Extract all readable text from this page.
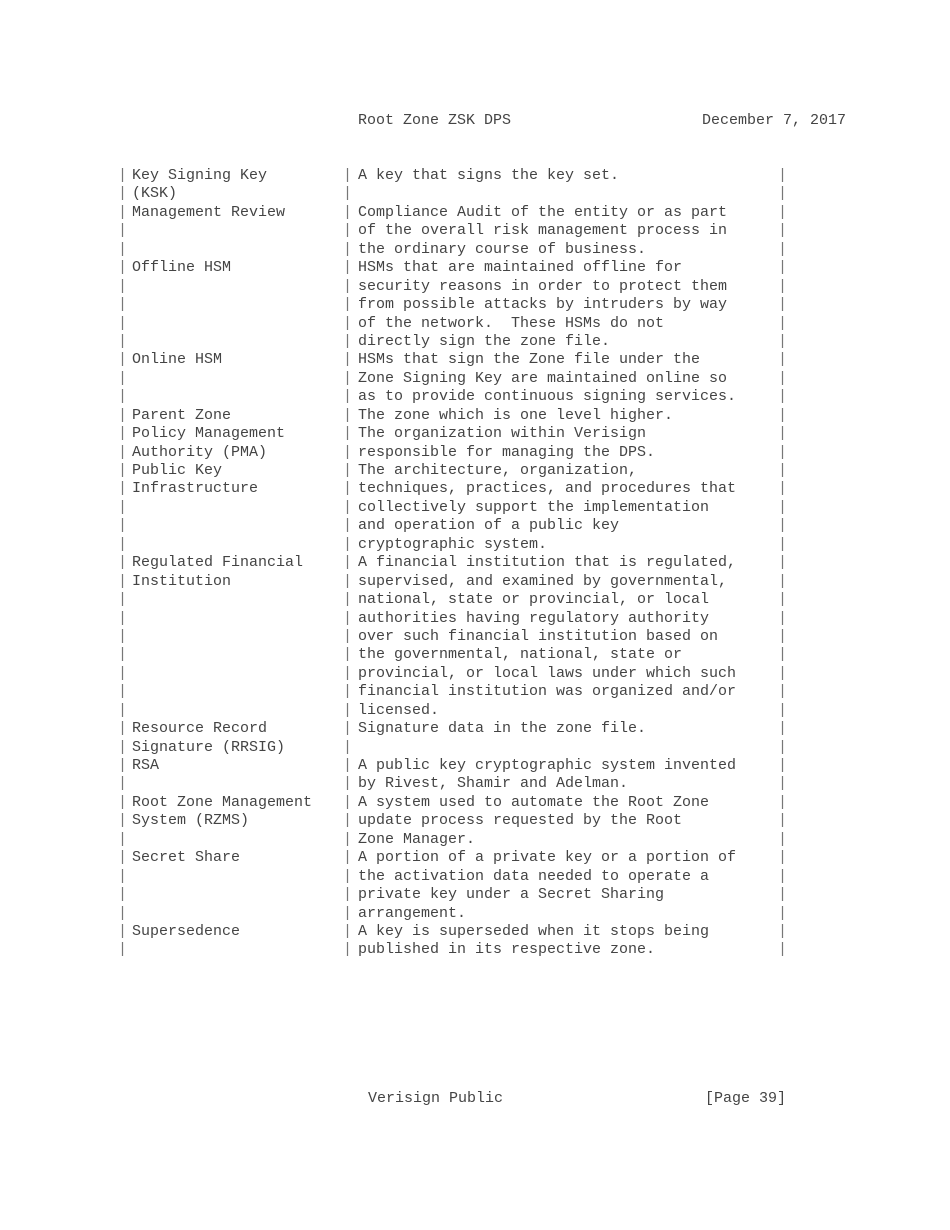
Root Zone ZSK DPS	December 7, 2017
| Key Signing Key	| A key that signs the key set.	|
| (KSK)	|	|
| Management Review	| Compliance Audit of the entity or as part	|
|	| of the overall risk management process in	|
|	| the ordinary course of business.	|
| Offline HSM	| HSMs that are maintained offline for	|
|	| security reasons in order to protect them	|
|	| from possible attacks by intruders by way	|
|	| of the network.  These HSMs do not	|
|	| directly sign the zone file.	|
| Online HSM	| HSMs that sign the Zone file under the	|
|	| Zone Signing Key are maintained online so	|
|	| as to provide continuous signing services.	|
| Parent Zone	| The zone which is one level higher.	|
| Policy Management	| The organization within Verisign	|
| Authority (PMA)	| responsible for managing the DPS.	|
| Public Key	| The architecture, organization,	|
| Infrastructure	| techniques, practices, and procedures that	|
|	| collectively support the implementation	|
|	| and operation of a public key	|
|	| cryptographic system.	|
| Regulated Financial	| A financial institution that is regulated,	|
| Institution	| supervised, and examined by governmental,	|
|	| national, state or provincial, or local	|
|	| authorities having regulatory authority	|
|	| over such financial institution based on	|
|	| the governmental, national, state or	|
|	| provincial, or local laws under which such	|
|	| financial institution was organized and/or	|
|	| licensed.	|
| Resource Record	| Signature data in the zone file.	|
| Signature (RRSIG)	|	|
| RSA	| A public key cryptographic system invented	|
|	| by Rivest, Shamir and Adelman.	|
| Root Zone Management | A system used to automate the Root Zone	|
| System (RZMS)	| update process requested by the Root	|
|	| Zone Manager.	|
| Secret Share	| A portion of a private key or a portion of	|
|	| the activation data needed to operate a	|
|	| private key under a Secret Sharing	|
|	| arrangement.	|
| Supersedence	| A key is superseded when it stops being	|
|	| published in its respective zone.	|
Verisign Public	[Page 39]
